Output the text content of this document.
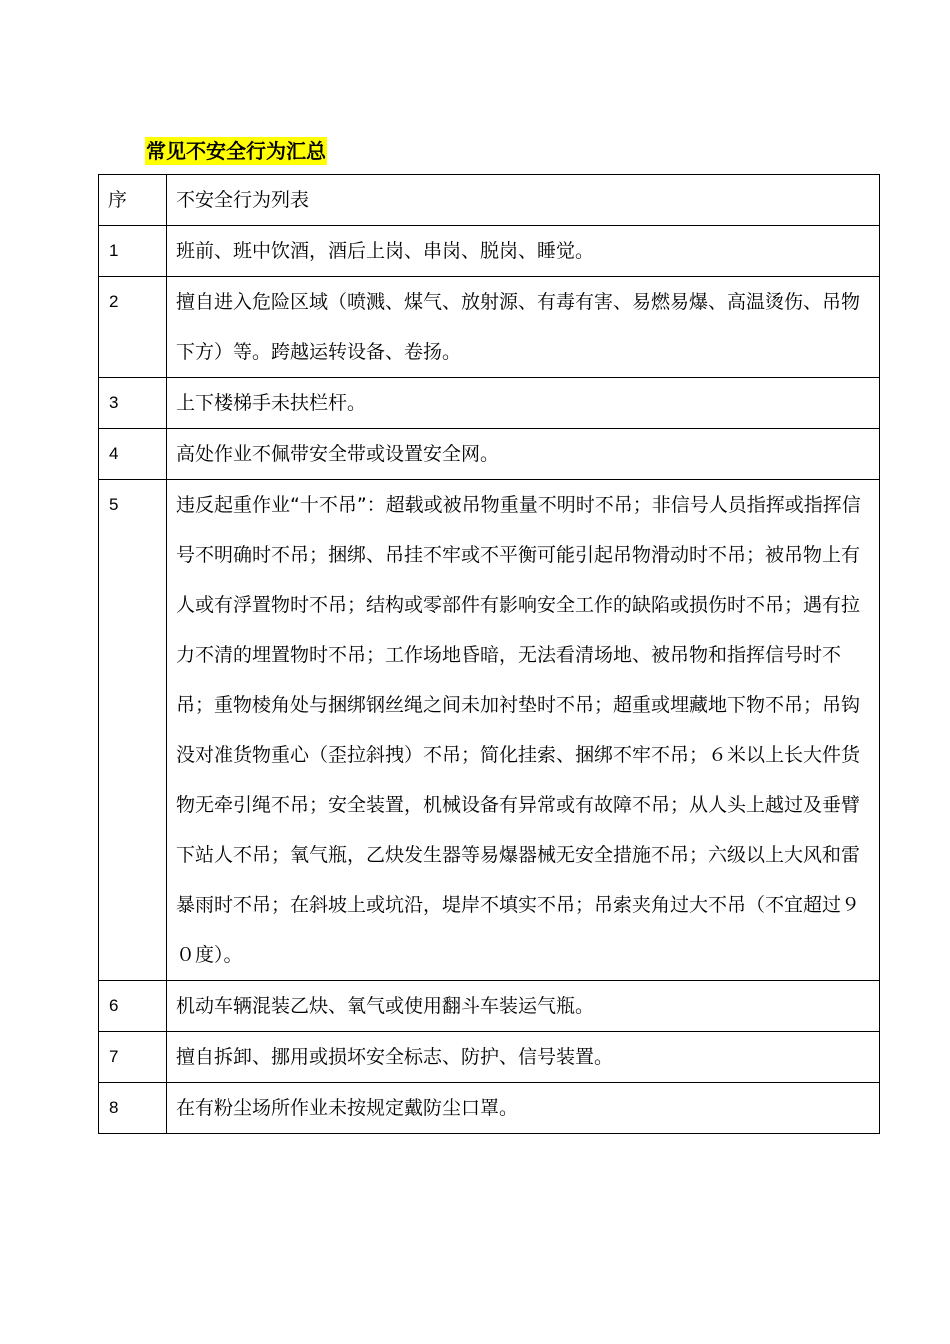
常见不安全行为汇总
序	不安全行为列表
1	班前、班中饮酒，酒后上岗、串岗、脱岗、睡觉。
2	擅自进入危险区域（喷溅、煤气、放射源、有毒有害、易燃易爆、高温烫伤、吊物下方）等。跨越运转设备、卷扬。
3	上下楼梯手未扶栏杆。
4	高处作业不佩带安全带或设置安全网。
5	违反起重作业“十不吊”：超载或被吊物重量不明时不吊；非信号人员指挥或指挥信号不明确时不吊；捆绑、吊挂不牢或不平衡可能引起吊物滑动时不吊；被吊物上有人或有浮置物时不吊；结构或零部件有影响安全工作的缺陷或损伤时不吊；遇有拉力不清的埋置物时不吊；工作场地昏暗，无法看清场地、被吊物和指挥信号时不吊；重物棱角处与捆绑钢丝绳之间未加衬垫时不吊；超重或埋藏地下物不吊；吊钩没对准货物重心（歪拉斜拽）不吊；简化挂索、捆绑不牢不吊；６米以上长大件货物无牵引绳不吊；安全装置，机械设备有异常或有故障不吊；从人头上越过及垂臂下站人不吊；氧气瓶，乙炔发生器等易爆器械无安全措施不吊；六级以上大风和雷暴雨时不吊；在斜坡上或坑沿，堤岸不填实不吊；吊索夹角过大不吊（不宜超过９０度）。
6	机动车辆混装乙炔、氧气或使用翻斗车装运气瓶。
7	擅自拆卸、挪用或损坏安全标志、防护、信号装置。
8	在有粉尘场所作业未按规定戴防尘口罩。
